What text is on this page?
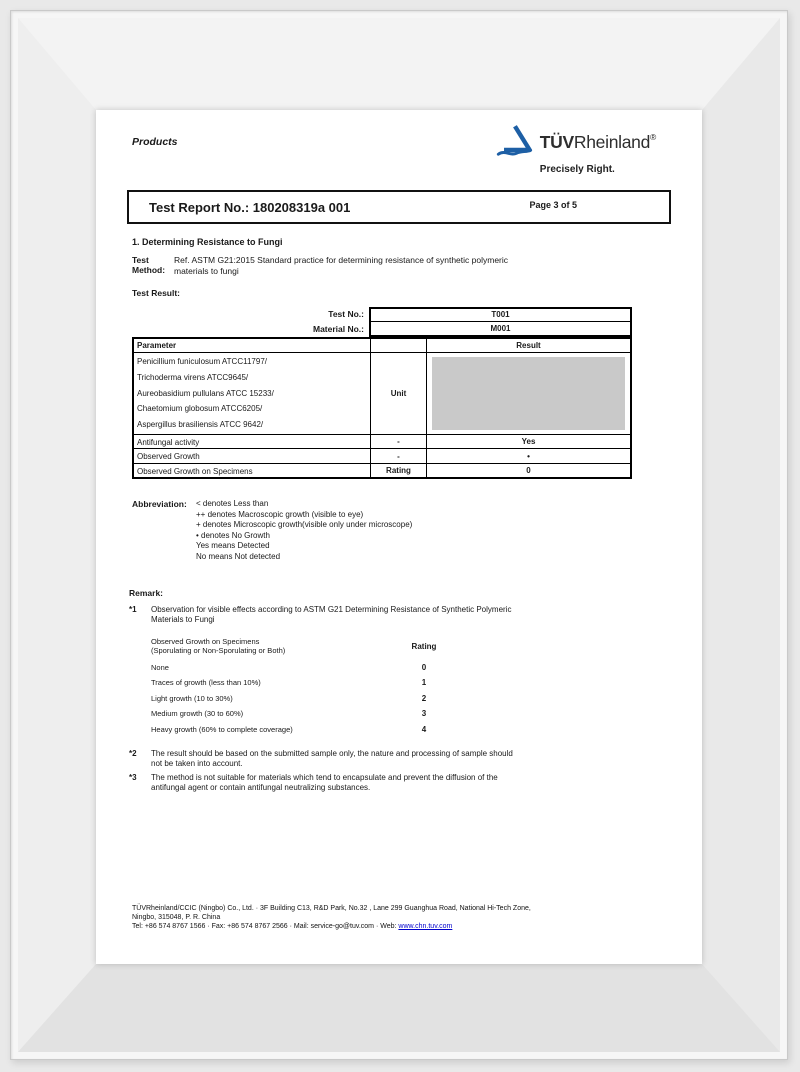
Products	TÜVRheinland®
Precisely Right.
Test Report No.: 180208319a 001	Page 3 of 5
1. Determining Resistance to Fungi
Test Method:
Ref. ASTM G21:2015 Standard practice for determining resistance of synthetic polymeric
materials to fungi
Test Result:
Test No.:	T001
Material No.:	M001
Parameter	Result
Penicillium funiculosum ATCC11797/
Trichoderma virens ATCC9645/
Aureobasidium pullulans ATCC 15233/
Chaetomium globosum ATCC6205/
Aspergillus brasiliensis ATCC 9642/
Unit
Antifungal activity	-	Yes
Observed Growth	-	•
Observed Growth on Specimens	Rating	0
Abbreviation:	< denotes Less than
++ denotes Macroscopic growth (visible to eye)
+ denotes Microscopic growth(visible only under microscope)
• denotes No Growth
Yes means Detected
No means Not detected
Remark:
*1	Observation for visible effects according to ASTM G21 Determining Resistance of Synthetic Polymeric
Materials to Fungi
Observed Growth on Specimens
(Sporulating or Non-Sporulating or Both)	Rating
None	0
Traces of growth (less than 10%)	1
Light growth (10 to 30%)	2
Medium growth (30 to 60%)	3
Heavy growth (60% to complete coverage)	4
*2	The result should be based on the submitted sample only, the nature and processing of sample should
not be taken into account.
*3	The method is not suitable for materials which tend to encapsulate and prevent the diffusion of the
antifungal agent or contain antifungal neutralizing substances.
TÜVRheinland/CCIC (Ningbo) Co., Ltd. · 3F Building C13, R&D Park, No.32 , Lane 299 Guanghua Road, National Hi-Tech Zone,
Ningbo, 315048, P. R. China
Tel: +86 574 8767 1566 · Fax: +86 574 8767 2566 · Mail: service-go@tuv.com · Web: www.chn.tuv.com
